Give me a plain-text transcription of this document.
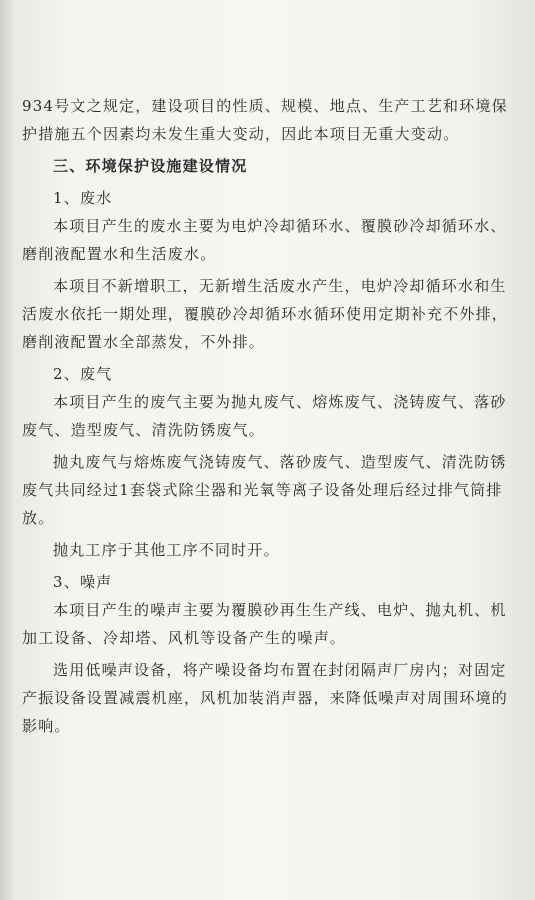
934号文之规定，建设项目的性质、规模、地点、生产工艺和环境保护措施五个因素均未发生重大变动，因此本项目无重大变动。

三、环境保护设施建设情况

1、废水

本项目产生的废水主要为电炉冷却循环水、覆膜砂冷却循环水、磨削液配置水和生活废水。

本项目不新增职工，无新增生活废水产生，电炉冷却循环水和生活废水依托一期处理，覆膜砂冷却循环水循环使用定期补充不外排，磨削液配置水全部蒸发，不外排。

2、废气

本项目产生的废气主要为抛丸废气、熔炼废气、浇铸废气、落砂废气、造型废气、清洗防锈废气。

抛丸废气与熔炼废气浇铸废气、落砂废气、造型废气、清洗防锈废气共同经过1套袋式除尘器和光氧等离子设备处理后经过排气筒排放。

抛丸工序于其他工序不同时开。

3、噪声

本项目产生的噪声主要为覆膜砂再生生产线、电炉、抛丸机、机加工设备、冷却塔、风机等设备产生的噪声。

选用低噪声设备，将产噪设备均布置在封闭隔声厂房内；对固定产振设备设置减震机座，风机加装消声器，来降低噪声对周围环境的影响。
